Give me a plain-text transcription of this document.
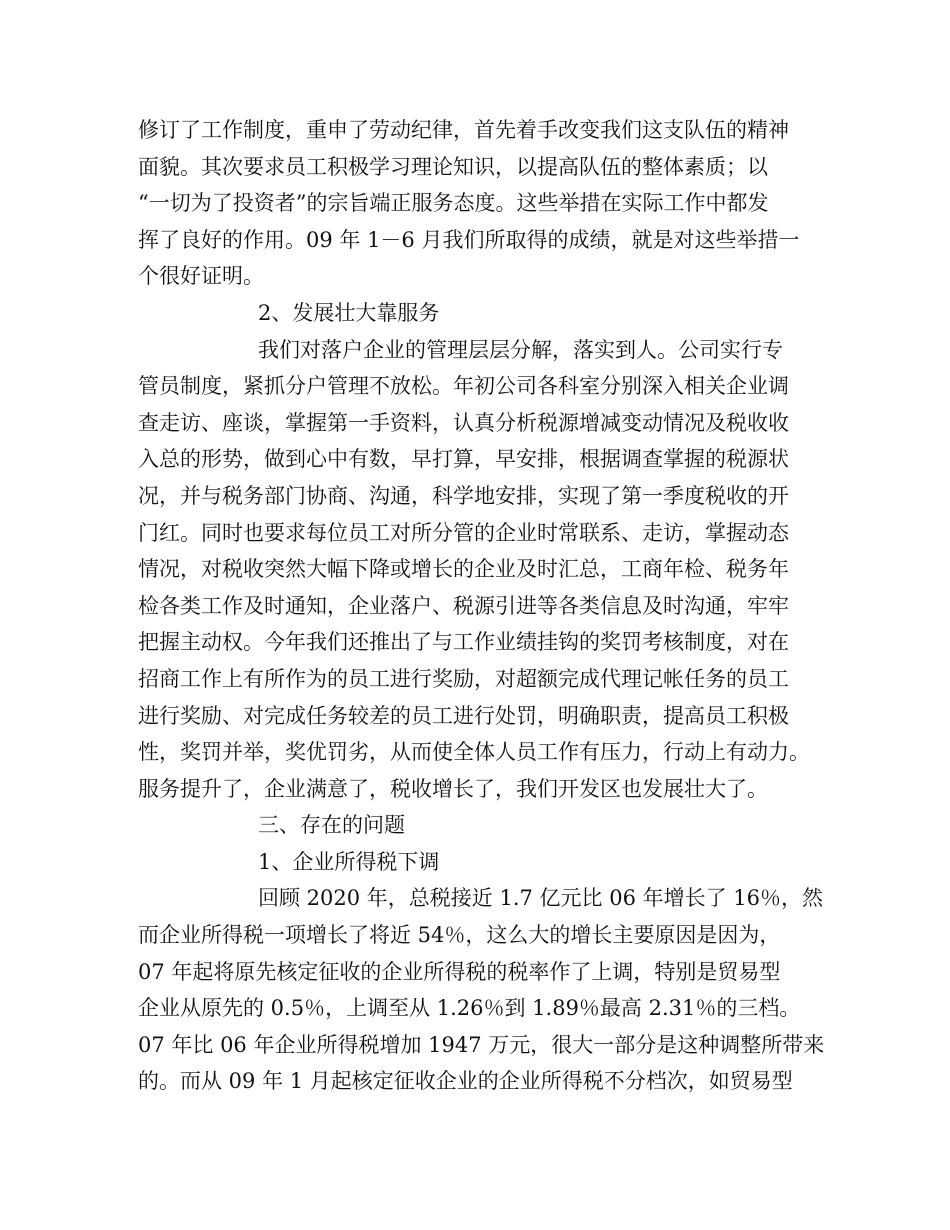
修订了工作制度，重申了劳动纪律，首先着手改变我们这支队伍的精神
面貌。其次要求员工积极学习理论知识，以提高队伍的整体素质；以
“一切为了投资者”的宗旨端正服务态度。这些举措在实际工作中都发
挥了良好的作用。09 年 1－6 月我们所取得的成绩，就是对这些举措一
个很好证明。
2、发展壮大靠服务
我们对落户企业的管理层层分解，落实到人。公司实行专
管员制度，紧抓分户管理不放松。年初公司各科室分别深入相关企业调
查走访、座谈，掌握第一手资料，认真分析税源增减变动情况及税收收
入总的形势，做到心中有数，早打算，早安排，根据调查掌握的税源状
况，并与税务部门协商、沟通，科学地安排，实现了第一季度税收的开
门红。同时也要求每位员工对所分管的企业时常联系、走访，掌握动态
情况，对税收突然大幅下降或增长的企业及时汇总，工商年检、税务年
检各类工作及时通知，企业落户、税源引进等各类信息及时沟通，牢牢
把握主动权。今年我们还推出了与工作业绩挂钩的奖罚考核制度，对在
招商工作上有所作为的员工进行奖励，对超额完成代理记帐任务的员工
进行奖励、对完成任务较差的员工进行处罚，明确职责，提高员工积极
性，奖罚并举，奖优罚劣，从而使全体人员工作有压力，行动上有动力。
服务提升了，企业满意了，税收增长了，我们开发区也发展壮大了。
三、存在的问题
1、企业所得税下调
回顾 2020 年，总税接近 1.7 亿元比 06 年增长了 16％，然
而企业所得税一项增长了将近 54％，这么大的增长主要原因是因为，
07 年起将原先核定征收的企业所得税的税率作了上调，特别是贸易型
企业从原先的 0.5％，上调至从 1.26％到 1.89％最高 2.31％的三档。
07 年比 06 年企业所得税增加 1947 万元，很大一部分是这种调整所带来
的。而从 09 年 1 月起核定征收企业的企业所得税不分档次，如贸易型
